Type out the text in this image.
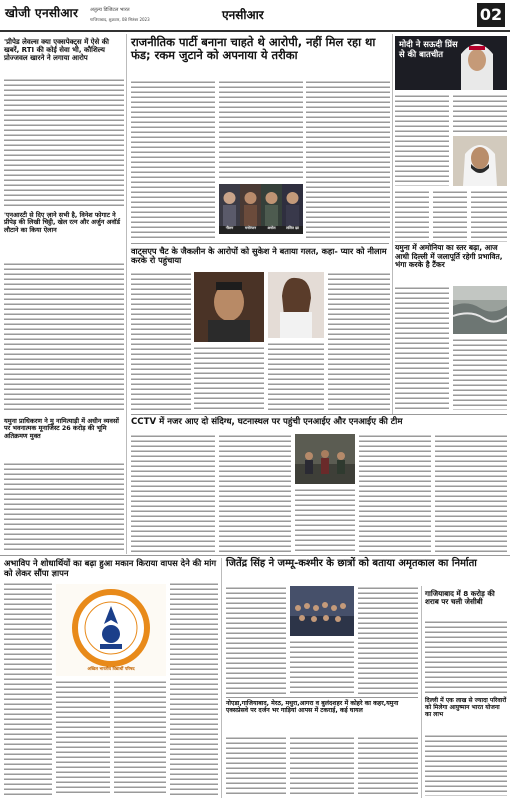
खोजी एनसीआर अतुल्य डिजिटल भारत
गाजियाबाद, शुक्रवार, 08 सितंबर 2023	एनसीआर	02
'प्रीपेड लेवल्स क्या एक्सपेक्ट्स में ऐसे की खबरें, RTI की कोई सेवा भी, कौशिल्य प्रोज्जवल खारने ने लगाया आरोप
'एनआरटी से दिए ज़ाने सभी है, विनेश फोगाट ने प्रीपेड़ की लिखी चिट्ठी, खेल रत्न और अर्जुन अवॉर्ड लौटाने का किया ऐलान
यमुना प्राधिकरण ने मु नामित्याड़ी में अधीन व्यवसों पर भवनात्मक मूनाजिस्ट 26 करोड़ की भूमि अतिक्रमण मुक्त
राजनीतिक पार्टी बनाना चाहते थे आरोपी, नहीं मिल रहा था फंड; रकम जुटाने को अपनाया ये तरीका
नीलम	मनोरंजन	अमोल	ललित झा
वाट्सएप चैट के जैकलीन के आरोपों को सुकेश ने बताया गलत, कहा- प्यार को नीलाम करके रो पहुंचाया
मोदी ने सऊदी प्रिंस से की बातचीत
यमुना में अमोनिया का स्तर बढ़ा, आज आधी दिल्ली में जलापूर्ति रहेगी प्रभावित, भंगा करके है टैंकर
CCTV में नजर आए दो संदिग्ध, घटनास्थल पर पहुंची एनआईए और एनआईए की टीम
अभाविप ने शोधार्थियों का बढ़ा हुआ मकान किराया वापस देने की मांग को लेकर सौंपा ज्ञापन
अखिल भारतीय विद्यार्थी परिषद
जितेंद्र सिंह ने जम्मू-कश्मीर के छात्रों को बताया अमृतकाल का निर्माता
नोएडा,गाजियाबाद, मेरठ, मथुरा,आगरा व बुलंदशहर में कोहरे का कहर,यमुना एक्सप्रेसवे पर दर्जन भर गाड़ियां आपस में टकराई, कई घायल
गाजियाबाद में 8 करोड़ की शराब पर चली जेसीबी
दिल्ली में एक लाख से ज्यादा परिवारों को मिलेगा आयुष्मान भारत योजना का लाभ
